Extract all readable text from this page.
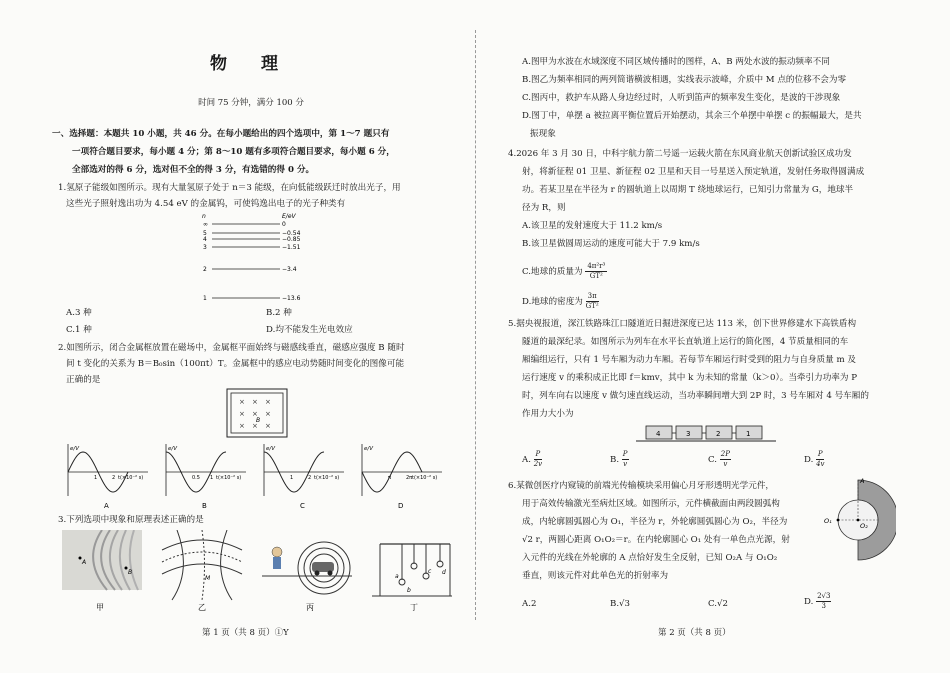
物 理
时间 75 分钟，满分 100 分
一、选择题：本题共 10 小题，共 46 分。在每小题给出的四个选项中，第 1～7 题只有
一项符合题目要求，每小题 4 分；第 8～10 题有多项符合题目要求，每小题 6 分，
全部选对的得 6 分，选对但不全的得 3 分，有选错的得 0 分。
1.氢原子能级如图所示。现有大量氢原子处于 n＝3 能级，在向低能级跃迁时放出光子，用
这些光子照射逸出功为 4.54 eV 的金属钨，可使钨逸出电子的光子种类有
n	E/eV
∞	0
5	−0.54
4	−0.85
3	−1.51
2	−3.4
1	−13.6
A.3 种	B.2 种
C.1 种	D.均不能发生光电效应
2.如图所示，闭合金属框放置在磁场中，金属框平面始终与磁感线垂直，磁感应强度 B 随时
间 t 变化的关系为 B＝B₀sin（100πt）T。金属框中的感应电动势随时间变化的图像可能
正确的是
× × ×
× × ×
× × ×
B
e/V
t(×10⁻² s)
1	2
A
e/V
t(×10⁻² s)
0.5 1
B
e/V
t(×10⁻² s)
1	2
C
e/V
t(×10⁻² s)
π	2π
D
3.下列选项中现象和原理表述正确的是
A
B
M	a
b
c d
甲	乙	丙	丁
第 1 页（共 8 页）①Y
A.图甲为水波在水域深度不同区域传播时的图样，A、B 两处水波的振动频率不同
B.图乙为频率相同的两列简谐横波相遇，实线表示波峰，介质中 M 点的位移不会为零
C.图丙中，救护车从路人身边经过时，人听到笛声的频率发生变化，是波的干涉现象
D.图丁中，单摆 a 被拉离平衡位置后开始摆动，其余三个单摆中单摆 c 的振幅最大，是共
振现象
4.2026 年 3 月 30 日，中科宇航力箭二号遥一运载火箭在东风商业航天创新试验区成功发
射，将新征程 01 卫星、新征程 02 卫星和天目一号星送入预定轨道，发射任务取得圆满成
功。若某卫星在半径为 r 的圆轨道上以周期 T 绕地球运行，已知引力常量为 G，地球半
径为 R，则
A.该卫星的发射速度大于 11.2 km/s
B.该卫星做圆周运动的速度可能大于 7.9 km/s
C.地球的质量为 $\frac{\text{4π²r³}}{\text{GT²}}$
D.地球的密度为 $\frac{3\pi}{\text{GT²}}$
5.据央视报道，深江铁路珠江口隧道近日掘进深度已达 113 米，创下世界修建水下高铁盾构
隧道的最深纪录。如图所示为列车在水平长直轨道上运行的简化图，4 节质量相同的车
厢编组运行，只有 1 号车厢为动力车厢。若每节车厢运行时受到的阻力与自身质量 m 及
运行速度 v 的乘积成正比即 f＝kmv，其中 k 为未知的常量（k＞0）。当牵引力功率为 P
时，列车向右以速度 v 做匀速直线运动，当功率瞬间增大到 2P 时，3 号车厢对 4 号车厢的
作用力大小为
4	3	2	1
A. $\frac{P}{2v}$	B. $\frac{P}{v}$	C. $\frac{2P}{v}$	D. $\frac{P}{4v}$
6.某微创医疗内窥镜的前端光传输模块采用偏心月牙形透明光学元件，
用于高效传输激光至病灶区域。如图所示，元件横截面由两段圆弧构
成，内轮廓圆弧圆心为 O₁，半径为 r，外轮廓圆弧圆心为 O₂，半径为
√2 r，两圆心距离 O₁O₂＝r。在内轮廓圆心 O₁ 处有一单色点光源，射
入元件的光线在外轮廓的 A 点恰好发生全反射，已知 O₂A 与 O₁O₂
垂直，则该元件对此单色光的折射率为
A
O₁
O₂
A.2	B.√3	C.√2	D. $\frac{2√3}{3}$
第 2 页（共 8 页）
